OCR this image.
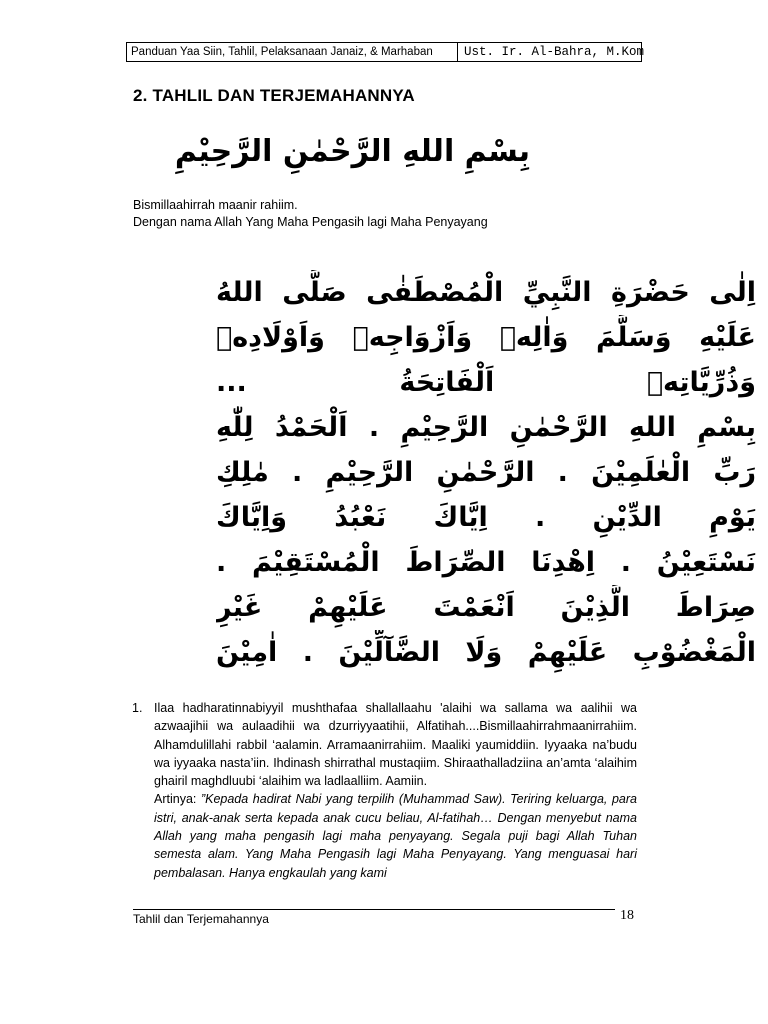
Panduan Yaa Siin, Tahlil, Pelaksanaan Janaiz, & Marhaban	Ust. Ir. Al-Bahra, M.Kom
2. TAHLIL DAN TERJEMAHANNYA
بِسْمِ اللهِ الرَّحْمٰنِ الرَّحِيْمِ
Bismillaahirrah maanir rahiim.
Dengan nama Allah Yang Maha Pengasih lagi Maha Penyayang
اِلٰى حَضْرَةِ النَّبِيِّ الْمُصْطَفٰى صَلَّى اللهُ
عَلَيْهِ وَسَلَّمَ وَاٰلِهٖ وَاَزْوَاجِهٖ وَاَوْلَادِهٖ
وَذُرِّيَّاتِهٖ اَلْفَاتِحَةُ ...
بِسْمِ اللهِ الرَّحْمٰنِ الرَّحِيْمِ . اَلْحَمْدُ لِلّٰهِ
رَبِّ الْعٰلَمِيْنَ . الرَّحْمٰنِ الرَّحِيْمِ . مٰلِكِ
يَوْمِ الدِّيْنِ . اِيَّاكَ نَعْبُدُ وَاِيَّاكَ
نَسْتَعِيْنُ . اِهْدِنَا الصِّرَاطَ الْمُسْتَقِيْمَ .
صِرَاطَ الَّذِيْنَ اَنْعَمْتَ عَلَيْهِمْ غَيْرِ
الْمَغْضُوْبِ عَلَيْهِمْ وَلَا الضَّآلِّيْنَ . اٰمِيْنَ
1. Ilaa hadharatinnabiyyil mushthafaa shallallaahu 'alaihi wa sallama wa aalihii wa azwaajihii wa aulaadihii wa dzurriyyaatihii, Alfatihah....Bismillaahirrahmaanirrahiim. Alhamdulillahi rabbil ‘aalamin. Arramaanirrahiim. Maaliki yaumiddiin. Iyyaaka na’budu wa iyyaaka nasta’iin. Ihdinash shirrathal mustaqiim. Shiraathalladziina an’amta ‘alaihim ghairil maghdluubi ‘alaihim wa ladlaalliim. Aamiin.
Artinya: ”Kepada hadirat Nabi yang terpilih (Muhammad Saw). Teriring keluarga, para istri, anak-anak serta kepada anak cucu beliau, Al-fatihah… Dengan menyebut nama Allah yang maha pengasih lagi maha penyayang. Segala puji bagi Allah Tuhan semesta alam. Yang Maha Pengasih lagi Maha Penyayang. Yang menguasai hari pembalasan. Hanya engkaulah yang kami
Tahlil dan Terjemahannya	18
